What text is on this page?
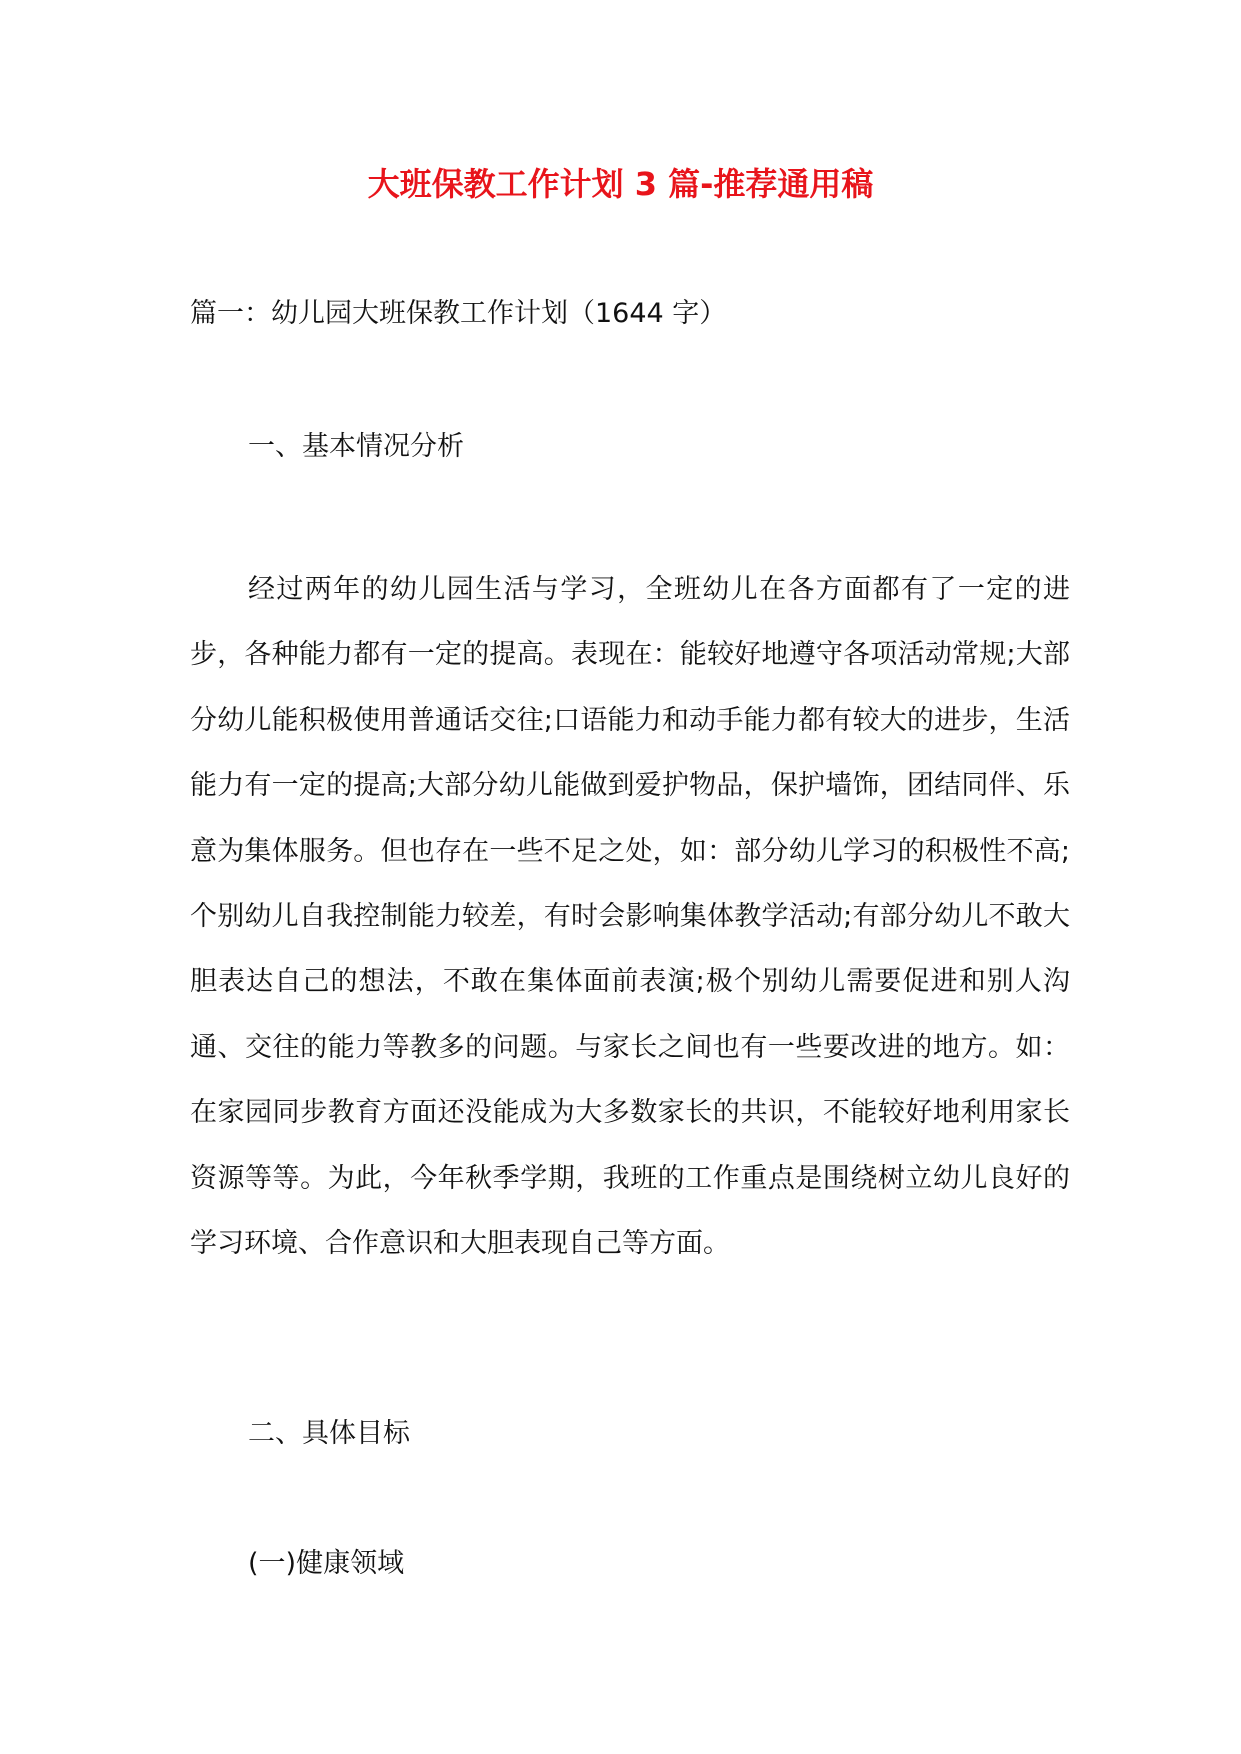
大班保教工作计划 3 篇-推荐通用稿
篇一：幼儿园大班保教工作计划（1644 字）
一、基本情况分析
经过两年的幼儿园生活与学习，全班幼儿在各方面都有了一定的进步，各种能力都有一定的提高。表现在：能较好地遵守各项活动常规;大部分幼儿能积极使用普通话交往;口语能力和动手能力都有较大的进步，生活能力有一定的提高;大部分幼儿能做到爱护物品，保护墙饰，团结同伴、乐意为集体服务。但也存在一些不足之处，如：部分幼儿学习的积极性不高;个别幼儿自我控制能力较差，有时会影响集体教学活动;有部分幼儿不敢大胆表达自己的想法，不敢在集体面前表演;极个别幼儿需要促进和别人沟通、交往的能力等教多的问题。与家长之间也有一些要改进的地方。如：在家园同步教育方面还没能成为大多数家长的共识，不能较好地利用家长资源等等。为此，今年秋季学期，我班的工作重点是围绕树立幼儿良好的学习环境、合作意识和大胆表现自己等方面。
二、具体目标
(一)健康领域
